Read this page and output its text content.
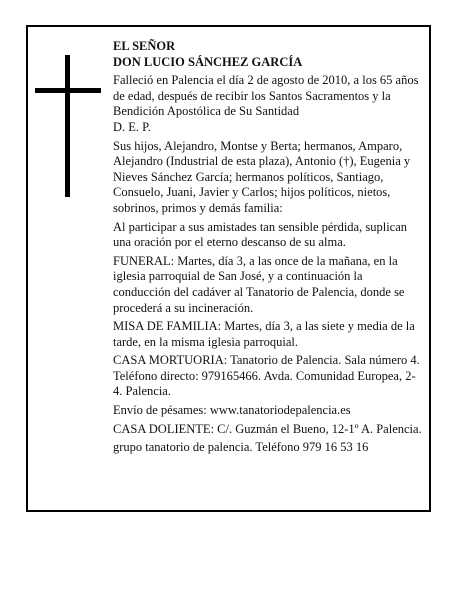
EL SEÑOR
DON LUCIO SÁNCHEZ GARCÍA

Falleció en Palencia el día 2 de agosto de 2010, a los 65 años de edad, después de recibir los Santos Sacramentos y la Bendición Apostólica de Su Santidad

D. E. P.

Sus hijos, Alejandro, Montse y Berta; hermanos, Amparo, Alejandro (Industrial de esta plaza), Antonio (†), Eugenia y Nieves Sánchez García; hermanos políticos, Santiago, Consuelo, Juani, Javier y Carlos; hijos políticos, nietos, sobrinos, primos y demás familia:

Al participar a sus amistades tan sensible pérdida, suplican una oración por el eterno descanso de su alma.

FUNERAL: Martes, día 3, a las once de la mañana, en la iglesia parroquial de San José, y a continuación la conducción del cadáver al Tanatorio de Palencia, donde se procederá a su incineración.

MISA DE FAMILIA: Martes, día 3, a las siete y media de la tarde, en la misma iglesia parroquial.

CASA MORTUORIA: Tanatorio de Palencia. Sala número 4. Teléfono directo: 979165466. Avda. Comunidad Europea, 2-4. Palencia.

Envío de pésames: www.tanatoriodepalencia.es

CASA DOLIENTE: C/. Guzmán el Bueno, 12-1º A. Palencia.

grupo tanatorio de palencia. Teléfono 979 16 53 16
